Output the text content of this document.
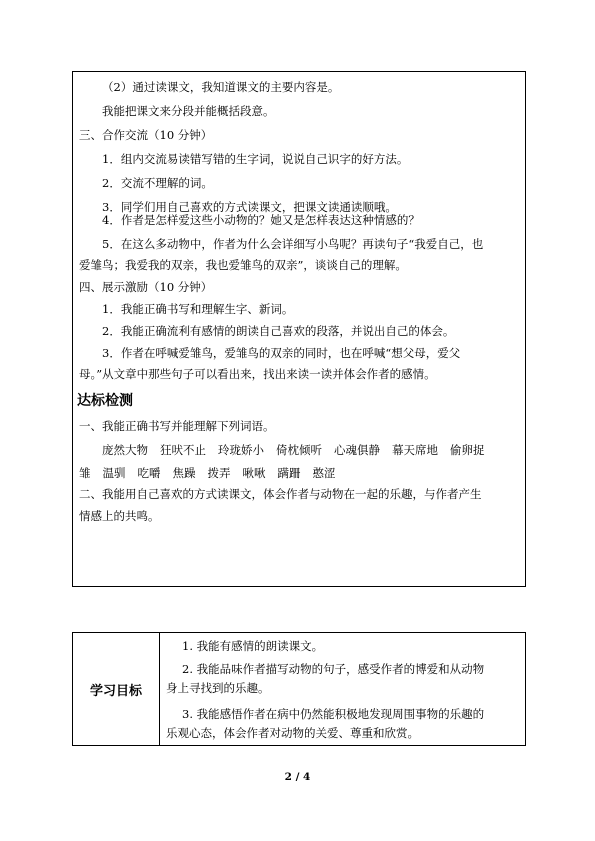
（2）通过读课文，我知道课文的主要内容是。
我能把课文来分段并能概括段意。
三、合作交流（10 分钟）
1．组内交流易读错写错的生字词，说说自己识字的好方法。
2．交流不理解的词。
3．同学们用自己喜欢的方式读课文，把课文读通读顺哦。
4．作者是怎样爱这些小动物的？她又是怎样表达这种情感的？
5．在这么多动物中，作者为什么会详细写小鸟呢？再读句子“我爱自己，也
爱雏鸟；我爱我的双亲，我也爱雏鸟的双亲”，谈谈自己的理解。
四、展示激励（10 分钟）
1．我能正确书写和理解生字、新词。
2．我能正确流利有感情的朗读自己喜欢的段落，并说出自己的体会。
3．作者在呼喊爱雏鸟，爱雏鸟的双亲的同时，也在呼喊“想父母，爱父
母。”从文章中那些句子可以看出来，找出来读一读并体会作者的感情。
达标检测
一、我能正确书写并能理解下列词语。
庞然大物 狂吠不止 玲珑娇小 倚枕倾听 心魂俱静 幕天席地 偷卵捉
雏 温驯 吃嚼 焦躁 拨弄 啾啾 蹒跚 憨涩
二、我能用自己喜欢的方式读课文，体会作者与动物在一起的乐趣，与作者产生
情感上的共鸣。
学习目标	
1. 我能有感情的朗读课文。
2. 我能品味作者描写动物的句子，感受作者的博爱和从动物
身上寻找到的乐趣。
3. 我能感悟作者在病中仍然能积极地发现周围事物的乐趣的
乐观心态，体会作者对动物的关爱、尊重和欣赏。
2 / 4
